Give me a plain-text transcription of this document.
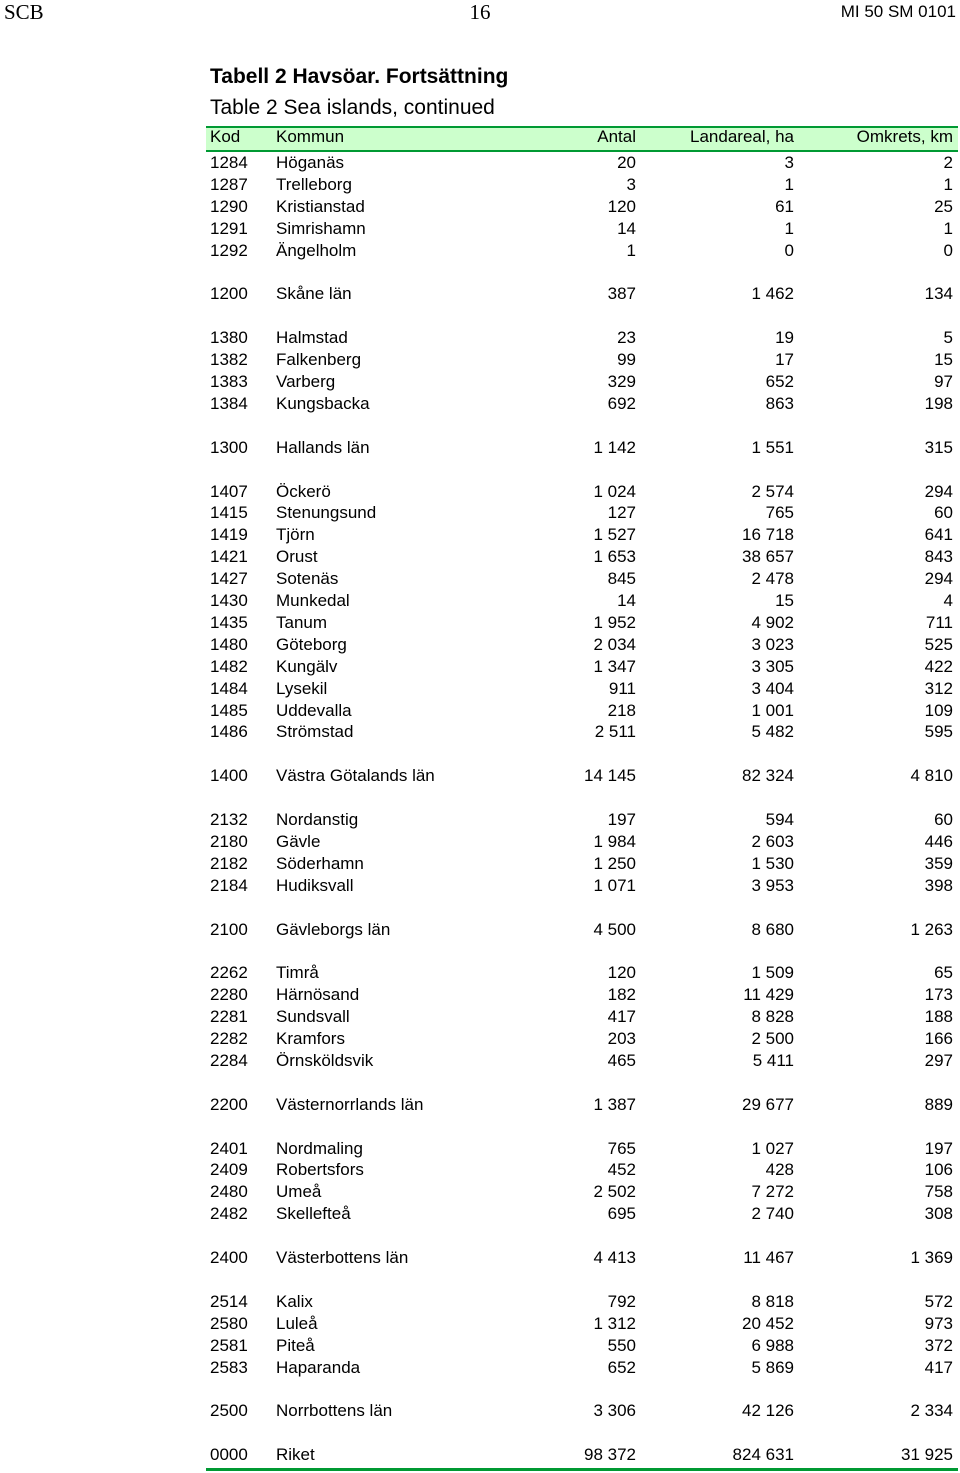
16
SCB	MI 50 SM 0101
Tabell 2 Havsöar. Fortsättning
Table 2 Sea islands, continued
Kod Kommun	Antal	Landareal, ha	Omkrets, km
1284 Höganäs	20	3	2
1287 Trelleborg	3	1	1
1290 Kristianstad	120	61	25
1291 Simrishamn	14	1	1
1292 Ängelholm	1	0	0
1200 Skåne län	387	1 462	134
1380 Halmstad	23	19	5
1382 Falkenberg	99	17	15
1383 Varberg	329	652	97
1384 Kungsbacka	692	863	198
1300 Hallands län	1 142	1 551	315
1407 Öckerö	1 024	2 574	294
1415 Stenungsund	127	765	60
1419 Tjörn	1 527	16 718	641
1421 Orust	1 653	38 657	843
1427 Sotenäs	845	2 478	294
1430 Munkedal	14	15	4
1435 Tanum	1 952	4 902	711
1480 Göteborg	2 034	3 023	525
1482 Kungälv	1 347	3 305	422
1484 Lysekil	911	3 404	312
1485 Uddevalla	218	1 001	109
1486 Strömstad	2 511	5 482	595
1400 Västra Götalands län	14 145	82 324	4 810
2132 Nordanstig	197	594	60
2180 Gävle	1 984	2 603	446
2182 Söderhamn	1 250	1 530	359
2184 Hudiksvall	1 071	3 953	398
2100 Gävleborgs län	4 500	8 680	1 263
2262 Timrå	120	1 509	65
2280 Härnösand	182	11 429	173
2281 Sundsvall	417	8 828	188
2282 Kramfors	203	2 500	166
2284 Örnsköldsvik	465	5 411	297
2200 Västernorrlands län	1 387	29 677	889
2401 Nordmaling	765	1 027	197
2409 Robertsfors	452	428	106
2480 Umeå	2 502	7 272	758
2482 Skellefteå	695	2 740	308
2400 Västerbottens län	4 413	11 467	1 369
2514 Kalix	792	8 818	572
2580 Luleå	1 312	20 452	973
2581 Piteå	550	6 988	372
2583 Haparanda	652	5 869	417
2500 Norrbottens län	3 306	42 126	2 334
0000 Riket	98 372	824 631	31 925
